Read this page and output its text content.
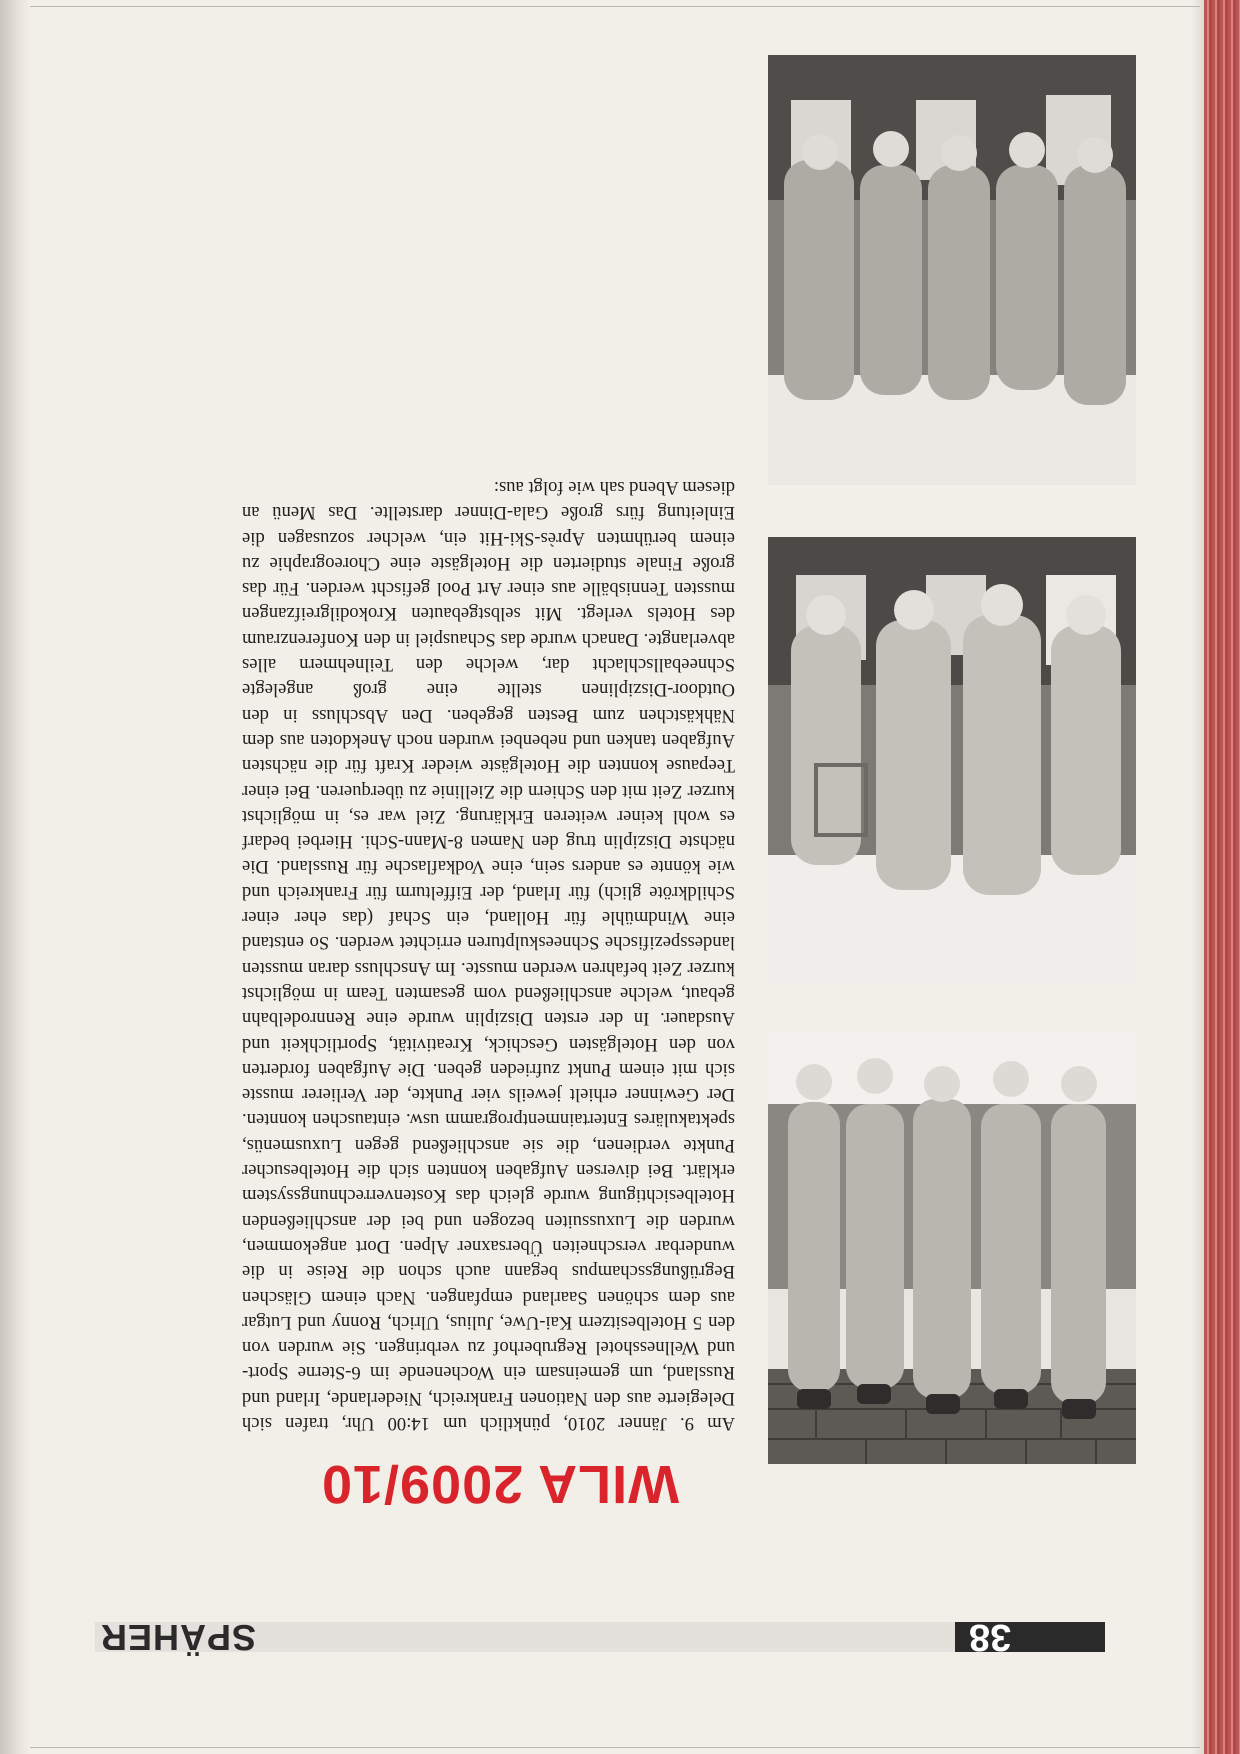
38
SPÄHER
WILA 2009/10
Am 9. Jänner 2010, pünktlich um 14:00 Uhr, trafen sich Delegierte aus den Nationen Frankreich, Niederlande, Irland und Russland, um gemeinsam ein Wochenende im 6-Sterne Sport- und Wellnesshotel Regruberhof zu verbringen. Sie wurden von den 5 Hotelbesitzern Kai-Uwe, Julius, Ulrich, Ronny und Lutgar aus dem schönen Saarland empfangen. Nach einem Gläschen Begrüßungsschampus begann auch schon die Reise in die wunderbar verschneiten Übersaxner Alpen. Dort angekommen, wurden die Luxussuiten bezogen und bei der anschließenden Hotelbesichtigung wurde gleich das Kostenverrechnungssystem erklärt. Bei diversen Aufgaben konnten sich die Hotelbesucher Punkte verdienen, die sie anschließend gegen Luxusmenüs, spektakuläres Entertainmentprogramm usw. eintauschen konnten. Der Gewinner erhielt jeweils vier Punkte, der Verlierer musste sich mit einem Punkt zufrieden geben. Die Aufgaben forderten von den Hotelgästen Geschick, Kreativität, Sportlichkeit und Ausdauer. In der ersten Disziplin wurde eine Rennrodelbahn gebaut, welche anschließend vom gesamten Team in möglichst kurzer Zeit befahren werden musste. Im Anschluss daran mussten landesspezifische Schneeskulpturen errichtet werden. So entstand eine Windmühle für Holland, ein Schaf (das eher einer Schildkröte glich) für Irland, der Eiffelturm für Frankreich und wie könnte es anders sein, eine Vodkaflasche für Russland. Die nächste Disziplin trug den Namen 8-Mann-Schi. Hierbei bedarf es wohl keiner weiteren Erklärung. Ziel war es, in möglichst kurzer Zeit mit den Schiern die Ziellinie zu überqueren. Bei einer Teepause konnten die Hotelgäste wieder Kraft für die nächsten Aufgaben tanken und nebenbei wurden noch Anekdoten aus dem Nähkästchen zum Besten gegeben. Den Abschluss in den Outdoor-Disziplinen stellte eine groß angelegte Schneeballschlacht dar, welche den Teilnehmern alles abverlangte. Danach wurde das Schauspiel in den Konferenzraum des Hotels verlegt. Mit selbstgebauten Krokodilgreifzangen mussten Tennisbälle aus einer Art Pool gefischt werden. Für das große Finale studierten die Hotelgäste eine Choreographie zu einem berühmten Après-Ski-Hit ein, welcher sozusagen die Einleitung fürs große Gala-Dinner darstellte. Das Menü an diesem Abend sah wie folgt aus:
